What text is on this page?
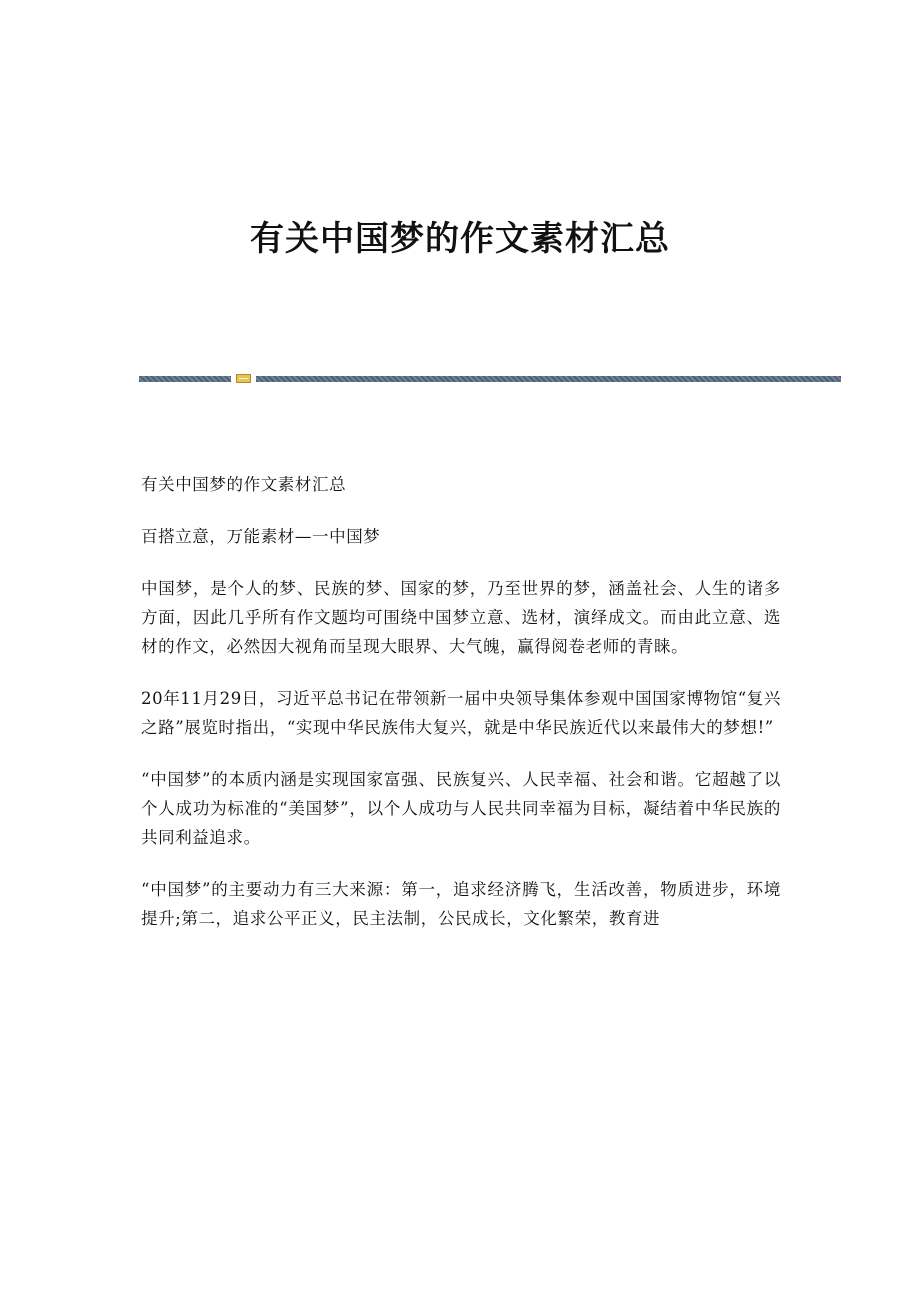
有关中国梦的作文素材汇总

有关中国梦的作文素材汇总

百搭立意，万能素材—一中国梦

中国梦，是个人的梦、民族的梦、国家的梦，乃至世界的梦，涵盖社会、人生的诸多方面，因此几乎所有作文题均可围绕中国梦立意、选材，演绎成文。而由此立意、选材的作文，必然因大视角而呈现大眼界、大气魄，赢得阅卷老师的青睐。

20年11月29日，习近平总书记在带领新一届中央领导集体参观中国国家博物馆“复兴之路”展览时指出，“实现中华民族伟大复兴，就是中华民族近代以来最伟大的梦想!”

“中国梦”的本质内涵是实现国家富强、民族复兴、人民幸福、社会和谐。它超越了以个人成功为标准的“美国梦”，以个人成功与人民共同幸福为目标，凝结着中华民族的共同利益追求。

“中国梦”的主要动力有三大来源：第一，追求经济腾飞，生活改善，物质进步，环境提升;第二，追求公平正义，民主法制，公民成长，文化繁荣，教育进
